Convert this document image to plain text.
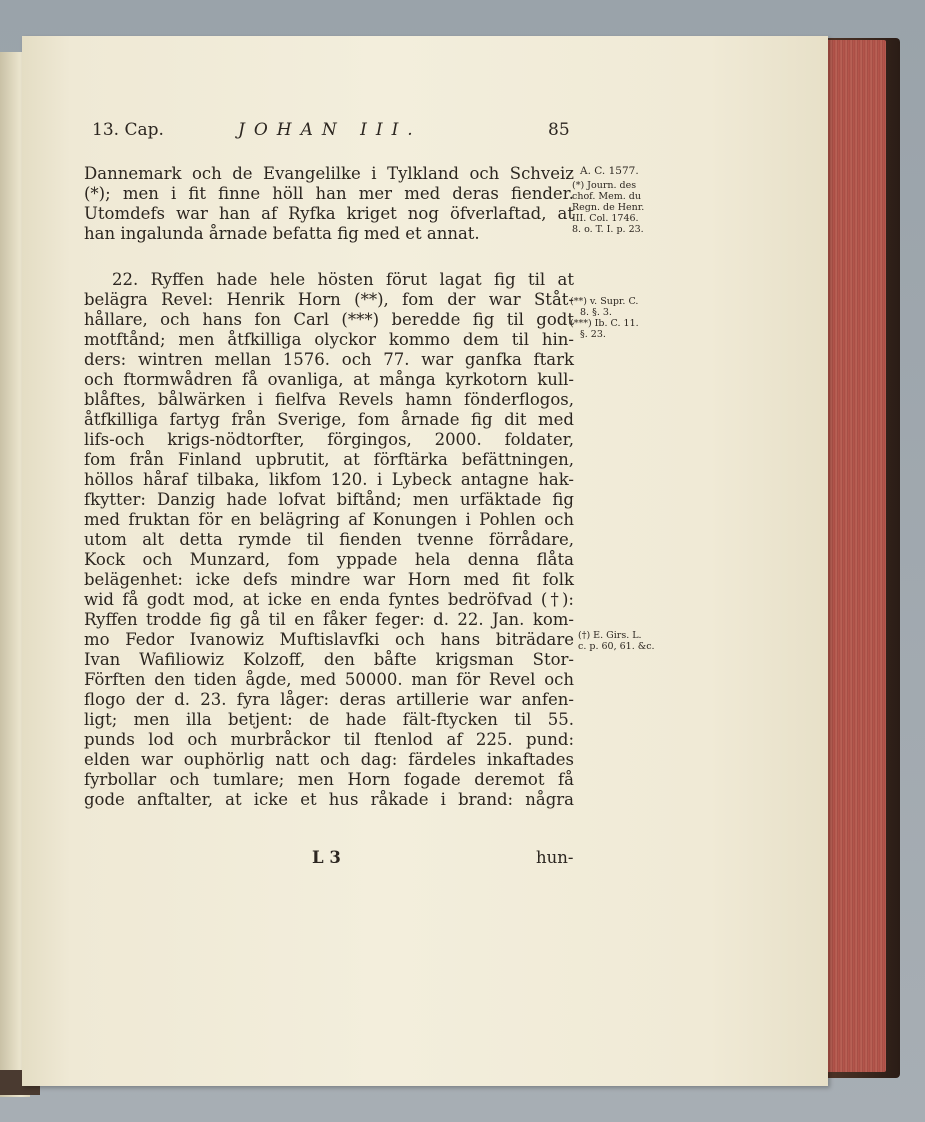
13. Cap.	JOHAN III.	85
Dannemark och de Evangelilke i Tylkland och Schveiz
(*); men i fit finne höll han mer med deras fiender.
Utomdefs war han af Ryfka kriget nog öfverlaftad, at
han ingalunda årnade befatta fig med et annat.
22. Ryffen hade hele hösten förut lagat fig til at
belägra Revel: Henrik Horn (**), fom der war Ståt-
hållare, och hans fon Carl (***) beredde fig til godt
motftånd; men åtfkilliga olyckor kommo dem til hin-
ders: wintren mellan 1576. och 77. war ganfka ftark
och ftormwådren få ovanliga, at många kyrkotorn kull-
blåftes, bålwärken i fielfva Revels hamn fönderflogos,
åtfkilliga fartyg från Sverige, fom årnade fig dit med
lifs-och krigs-nödtorfter, förgingos, 2000. foldater,
fom från Finland upbrutit, at förftärka befättningen,
höllos håraf tilbaka, likfom 120. i Lybeck antagne hak-
fkytter: Danzig hade lofvat biftånd; men urfäktade fig
med fruktan för en belägring af Konungen i Pohlen och
utom alt detta rymde til fienden tvenne förrådare,
Kock och Munzard, fom yppade hela denna flåta
belägenhet: icke defs mindre war Horn med fit folk
wid få godt mod, at icke en enda fyntes bedröfvad (†):
Ryffen trodde fig gå til en fåker feger: d. 22. Jan. kom-
mo Fedor Ivanowiz Muftislavfki och hans biträdare
Ivan Wafiliowiz Kolzoff, den båfte krigsman Stor-
Förften den tiden ågde, med 50000. man för Revel och
flogo der d. 23. fyra låger: deras artillerie war anfen-
ligt; men illa betjent: de hade fält-ftycken til 55.
punds lod och murbråckor til ftenlod af 225. pund:
elden war ouphörlig natt och dag: färdeles inkaftades
fyrbollar och tumlare; men Horn fogade deremot få
gode anftalter, at icke et hus råkade i brand: några
A. C. 1577.
(*) Journ. des
chof. Mem. du
Regn. de Henr.
III. Col. 1746.
8. o. T. I. p. 23.
(**) v. Supr. C.
8. §. 3.
(***) Ib. C. 11.
§. 23.
(†) E. Girs. L.
c. p. 60, 61. &c.
L 3	hun-
